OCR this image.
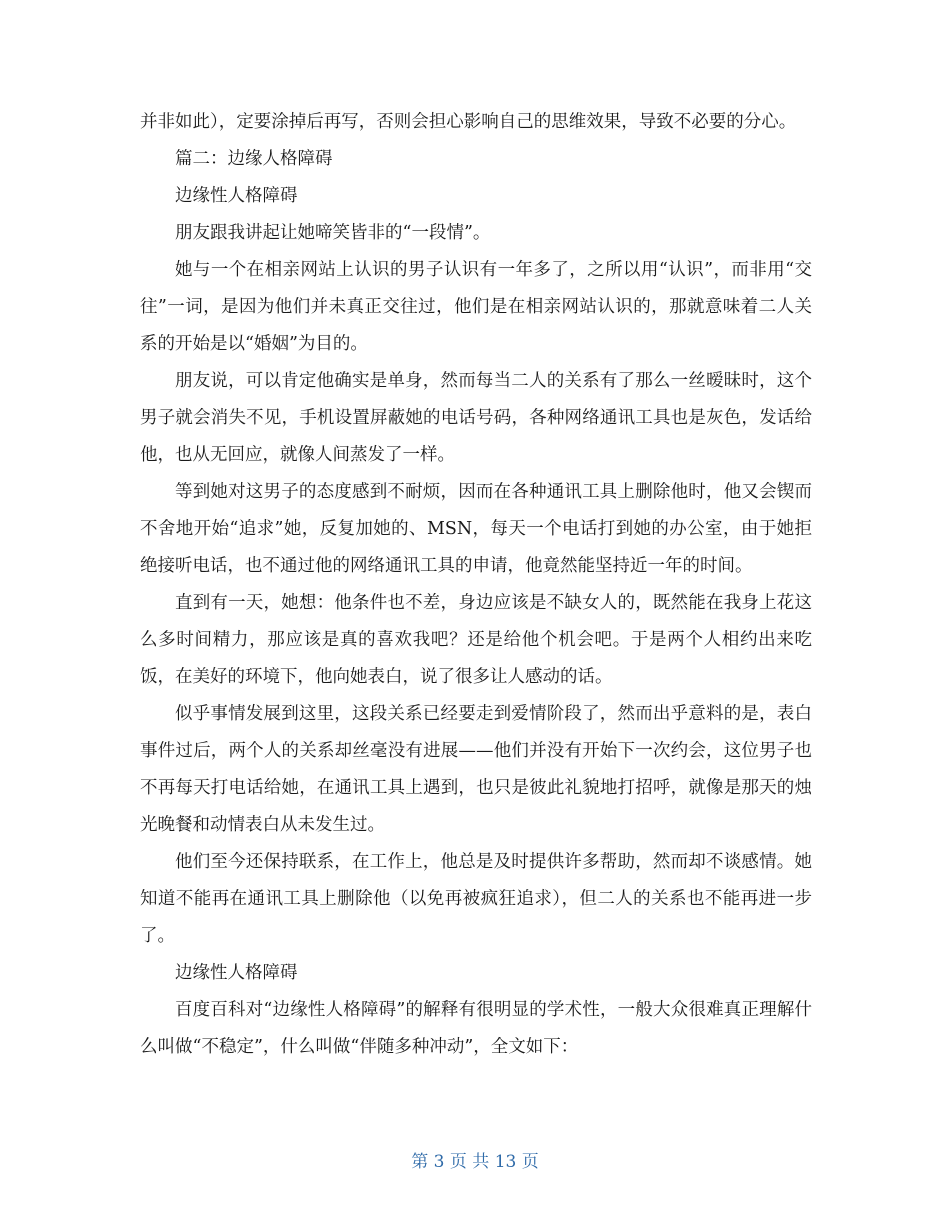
并非如此），定要涂掉后再写，否则会担心影响自己的思维效果，导致不必要的分心。

篇二：边缘人格障碍

边缘性人格障碍

朋友跟我讲起让她啼笑皆非的“一段情”。

她与一个在相亲网站上认识的男子认识有一年多了，之所以用“认识”，而非用“交往”一词，是因为他们并未真正交往过，他们是在相亲网站认识的，那就意味着二人关系的开始是以“婚姻”为目的。

朋友说，可以肯定他确实是单身，然而每当二人的关系有了那么一丝暧昧时，这个男子就会消失不见，手机设置屏蔽她的电话号码，各种网络通讯工具也是灰色，发话给他，也从无回应，就像人间蒸发了一样。

等到她对这男子的态度感到不耐烦，因而在各种通讯工具上删除他时，他又会锲而不舍地开始“追求”她，反复加她的、MSN，每天一个电话打到她的办公室，由于她拒绝接听电话，也不通过他的网络通讯工具的申请，他竟然能坚持近一年的时间。

直到有一天，她想：他条件也不差，身边应该是不缺女人的，既然能在我身上花这么多时间精力，那应该是真的喜欢我吧？还是给他个机会吧。于是两个人相约出来吃饭，在美好的环境下，他向她表白，说了很多让人感动的话。

似乎事情发展到这里，这段关系已经要走到爱情阶段了，然而出乎意料的是，表白事件过后，两个人的关系却丝毫没有进展——他们并没有开始下一次约会，这位男子也不再每天打电话给她，在通讯工具上遇到，也只是彼此礼貌地打招呼，就像是那天的烛光晚餐和动情表白从未发生过。

他们至今还保持联系，在工作上，他总是及时提供许多帮助，然而却不谈感情。她知道不能再在通讯工具上删除他（以免再被疯狂追求），但二人的关系也不能再进一步了。

边缘性人格障碍

百度百科对“边缘性人格障碍”的解释有很明显的学术性，一般大众很难真正理解什么叫做“不稳定”，什么叫做“伴随多种冲动”，全文如下：

第 3 页 共 13 页
